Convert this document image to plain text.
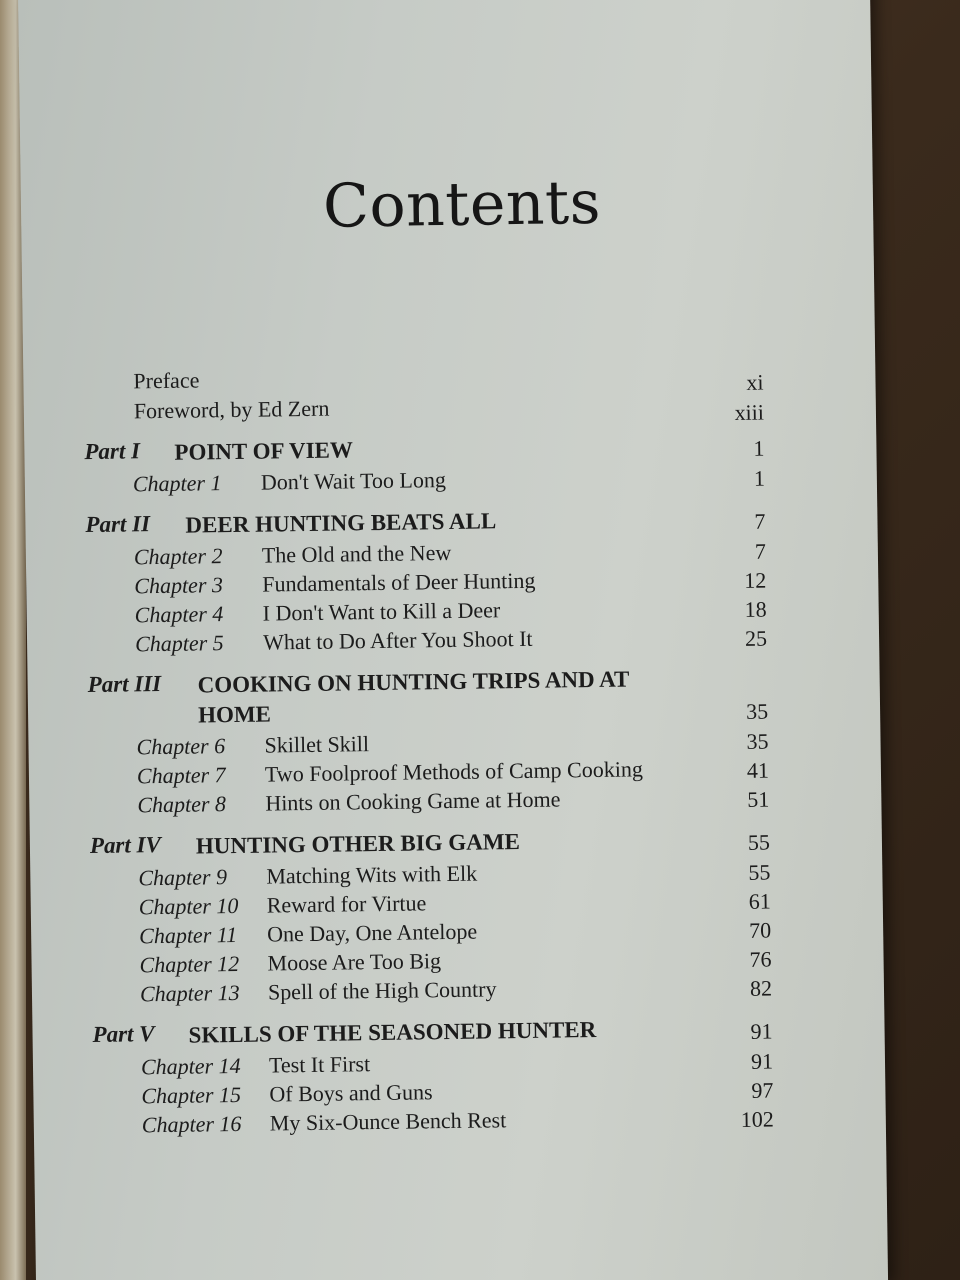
Contents
Preface	xi
Foreword, by Ed Zern	xiii
Part I POINT OF VIEW	1
Chapter 1 Don't Wait Too Long	1
Part II DEER HUNTING BEATS ALL	7
Chapter 2 The Old and the New	7
Chapter 3 Fundamentals of Deer Hunting	12
Chapter 4 I Don't Want to Kill a Deer	18
Chapter 5 What to Do After You Shoot It	25
Part III COOKING ON HUNTING TRIPS AND AT HOME	35
Chapter 6 Skillet Skill	35
Chapter 7 Two Foolproof Methods of Camp Cooking	41
Chapter 8 Hints on Cooking Game at Home	51
Part IV HUNTING OTHER BIG GAME	55
Chapter 9 Matching Wits with Elk	55
Chapter 10 Reward for Virtue	61
Chapter 11 One Day, One Antelope	70
Chapter 12 Moose Are Too Big	76
Chapter 13 Spell of the High Country	82
Part V SKILLS OF THE SEASONED HUNTER	91
Chapter 14 Test It First	91
Chapter 15 Of Boys and Guns	97
Chapter 16 My Six-Ounce Bench Rest	102
